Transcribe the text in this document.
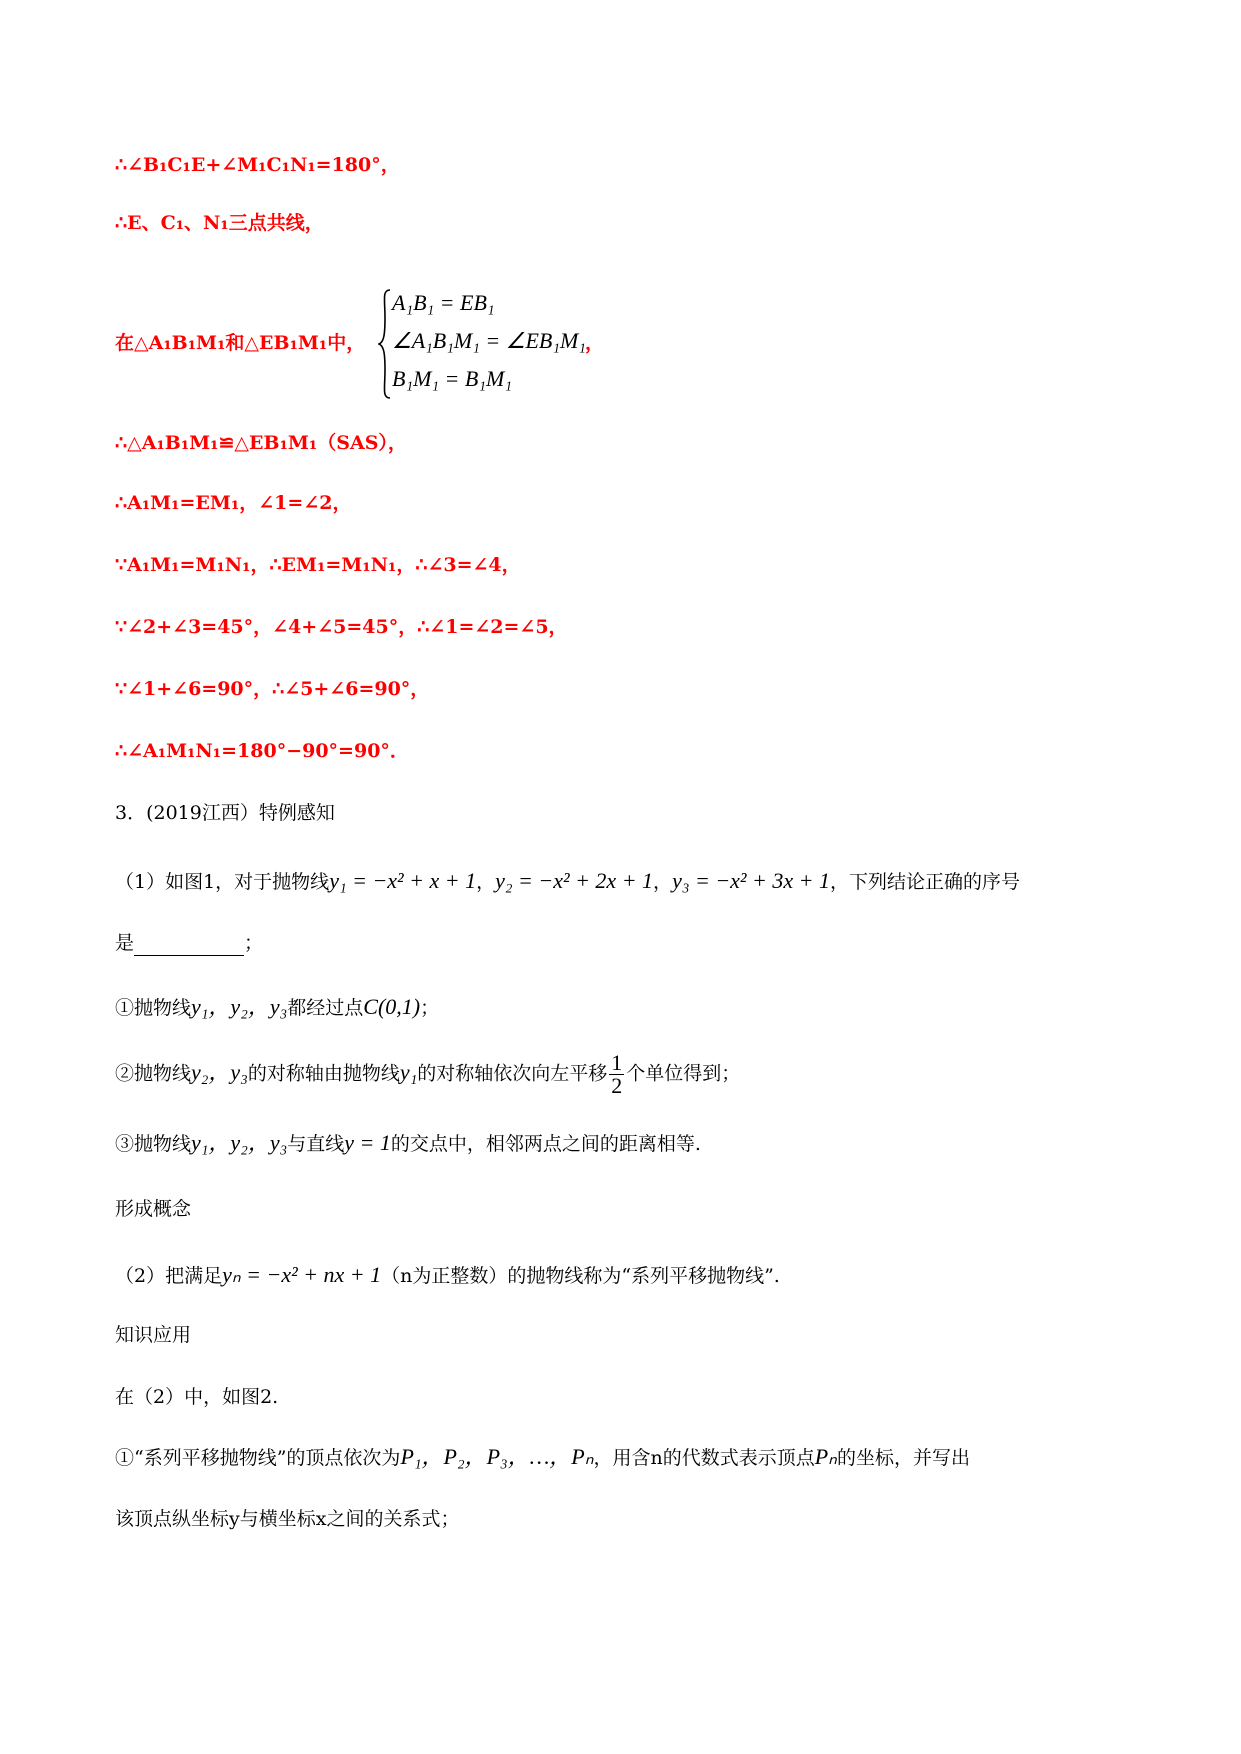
∴∠B₁C₁E+∠M₁C₁N₁=180°，
∴E、C₁、N₁三点共线，
在△A₁B₁M₁和△EB₁M₁中，
A₁B₁ = EB₁
∠A₁B₁M₁ = ∠EB₁M₁
B₁M₁ = B₁M₁
，
∴△A₁B₁M₁≌△EB₁M₁（SAS），
∴A₁M₁=EM₁，∠1=∠2，
∵A₁M₁=M₁N₁，∴EM₁=M₁N₁，∴∠3=∠4，
∵∠2+∠3=45°，∠4+∠5=45°，∴∠1=∠2=∠5，
∵∠1+∠6=90°，∴∠5+∠6=90°，
∴∠A₁M₁N₁=180°−90°=90°．
3．(2019江西）特例感知
（1）如图1，对于抛物线y₁ = −x² + x + 1，y₂ = −x² + 2x + 1，y₃ = −x² + 3x + 1，下列结论正确的序号
是	；
①抛物线y₁，y₂，y₃都经过点C(0,1)；
②抛物线y₂，y₃的对称轴由抛物线y₁的对称轴依次向左平移 $\frac{1}{2}$ 个单位得到；
③抛物线y₁，y₂，y₃与直线y = 1的交点中，相邻两点之间的距离相等.
形成概念
（2）把满足yₙ = −x² + nx + 1（n为正整数）的抛物线称为“系列平移抛物线”.
知识应用
在（2）中，如图2.
①“系列平移抛物线”的顶点依次为P₁，P₂，P₃，…，Pₙ，用含n的代数式表示顶点Pₙ的坐标，并写出
该顶点纵坐标y与横坐标x之间的关系式；
